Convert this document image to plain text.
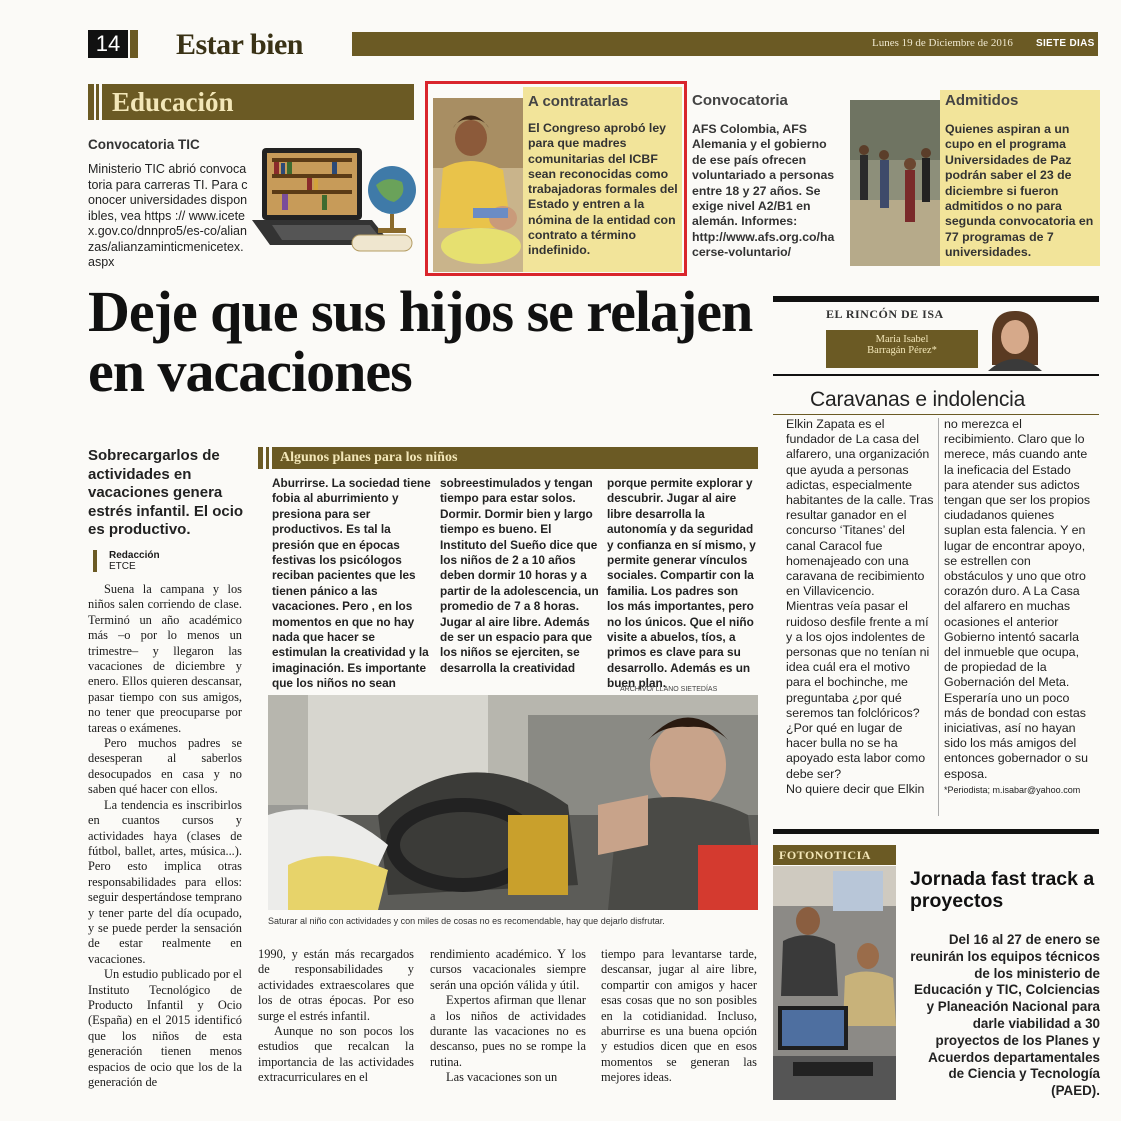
14 Estar bien	Lunes 19 de Diciembre de 2016 SIETE DIAS
Educación
Convocatoria TIC
Ministerio TIC abrió convocatoria para carreras TI. Para conocer universidades disponibles, vea https :// www.icetex.gov.co/dnnpro5/es-co/alianzas/alianzaminticmenicetex.aspx
A contratarlas
El Congreso aprobó ley para que madres comunitarias del ICBF sean reconocidas como trabajadoras formales del Estado y entren a la nómina de la entidad con contrato a término indefinido.
Convocatoria
AFS Colombia, AFS Alemania y el gobierno de ese país ofrecen voluntariado a personas entre 18 y 27 años. Se exige nivel A2/B1 en alemán. Informes: http://www.afs.org.co/hacerse-voluntario/
Admitidos
Quienes aspiran a un cupo en el programa Universidades de Paz podrán saber el 23 de diciembre si fueron admitidos o no para segunda convocatoria en 77 programas de 7 universidades.
Deje que sus hijos se relajen en vacaciones
Sobrecargarlos de actividades en vacaciones genera estrés infantil. El ocio es productivo.
Redacción
ETCE

Suena la campana y los niños salen corriendo de clase. Terminó un año académico más –o por lo menos un trimestre– y llegaron las vacaciones de diciembre y enero. Ellos quieren descansar, pasar tiempo con sus amigos, no tener que preocuparse por tareas o exámenes.

Pero muchos padres se desesperan al saberlos desocupados en casa y no saben qué hacer con ellos.

La tendencia es inscribirlos en cuantos cursos y actividades haya (clases de fútbol, ballet, artes, música...). Pero esto implica otras responsabilidades para ellos: seguir despertándose temprano y tener parte del día ocupado, y se puede perder la sensación de estar realmente en vacaciones.

Un estudio publicado por el Instituto Tecnológico de Producto Infantil y Ocio (España) en el 2015 identificó que los niños de esta generación tienen menos espacios de ocio que los de la generación de

Algunos planes para los niños
Aburrirse. La sociedad tiene fobia al aburrimiento y presiona para ser productivos. Es tal la presión que en épocas festivas los psicólogos reciban pacientes que les tienen pánico a las vacaciones. Pero , en los momentos en que no hay nada que hacer se estimulan la creatividad y la imaginación. Es importante que los niños no sean
sobreestimulados y tengan tiempo para estar solos. Dormir. Dormir bien y largo tiempo es bueno. El Instituto del Sueño dice que los niños de 2 a 10 años deben dormir 10 horas y a partir de la adolescencia, un promedio de 7 a 8 horas. Jugar al aire libre. Además de ser un espacio para que los niños se ejerciten, se desarrolla la creatividad
porque permite explorar y descubrir. Jugar al aire libre desarrolla la autonomía y da seguridad y confianza en sí mismo, y permite generar vínculos sociales. Compartir con la familia. Los padres son los más importantes, pero no los únicos. Que el niño visite a abuelos, tíos, a primos es clave para su desarrollo. Además es un buen plan.
ARCHIVO/ LLANO SIETEDÍAS
Saturar al niño con actividades y con miles de cosas no es recomendable, hay que dejarlo disfrutar.

1990, y están más recargados de responsabilidades y actividades extraescolares que los de otras épocas. Por eso surge el estrés infantil.

Aunque no son pocos los estudios que recalcan la importancia de las actividades extracurriculares en el

rendimiento académico. Y los cursos vacacionales siempre serán una opción válida y útil.

Expertos afirman que llenar a los niños de actividades durante las vacaciones no es descanso, pues no se rompe la rutina.

Las vacaciones son un

tiempo para levantarse tarde, descansar, jugar al aire libre, compartir con amigos y hacer esas cosas que no son posibles en la cotidianidad. Incluso, aburrirse es una buena opción y estudios dicen que en esos momentos se generan las mejores ideas.

EL RINCÓN DE ISA
Maria Isabel
Barragán Pérez*
Caravanas e indolencia

Elkin Zapata es el fundador de La casa del alfarero, una organización que ayuda a personas adictas, especialmente habitantes de la calle. Tras resultar ganador en el concurso ‘Titanes’ del canal Caracol fue homenajeado con una caravana de recibimiento en Villavicencio.

Mientras veía pasar el ruidoso desfile frente a mí y a los ojos indolentes de personas que no tenían ni idea cuál era el motivo para el bochinche, me preguntaba ¿por qué seremos tan folclóricos? ¿Por qué en lugar de hacer bulla no se ha apoyado esta labor como debe ser?

No quiere decir que Elkin

no merezca el recibimiento. Claro que lo merece, más cuando ante la ineficacia del Estado para atender sus adictos tengan que ser los propios ciudadanos quienes suplan esta falencia. Y en lugar de encontrar apoyo, se estrellen con obstáculos y uno que otro corazón duro. A La Casa del alfarero en muchas ocasiones el anterior Gobierno intentó sacarla del inmueble que ocupa, de propiedad de la Gobernación del Meta.

Esperaría uno un poco más de bondad con estas iniciativas, así no hayan sido los más amigos del entonces gobernador o su esposa.

*Periodista; m.isabar@yahoo.com

FOTONOTICIA
Jornada fast track a proyectos
Del 16 al 27 de enero se reunirán los equipos técnicos de los ministerio de Educación y TIC, Colciencias y Planeación Nacional para darle viabilidad a 30 proyectos de los Planes y Acuerdos departamentales de Ciencia y Tecnología (PAED).
